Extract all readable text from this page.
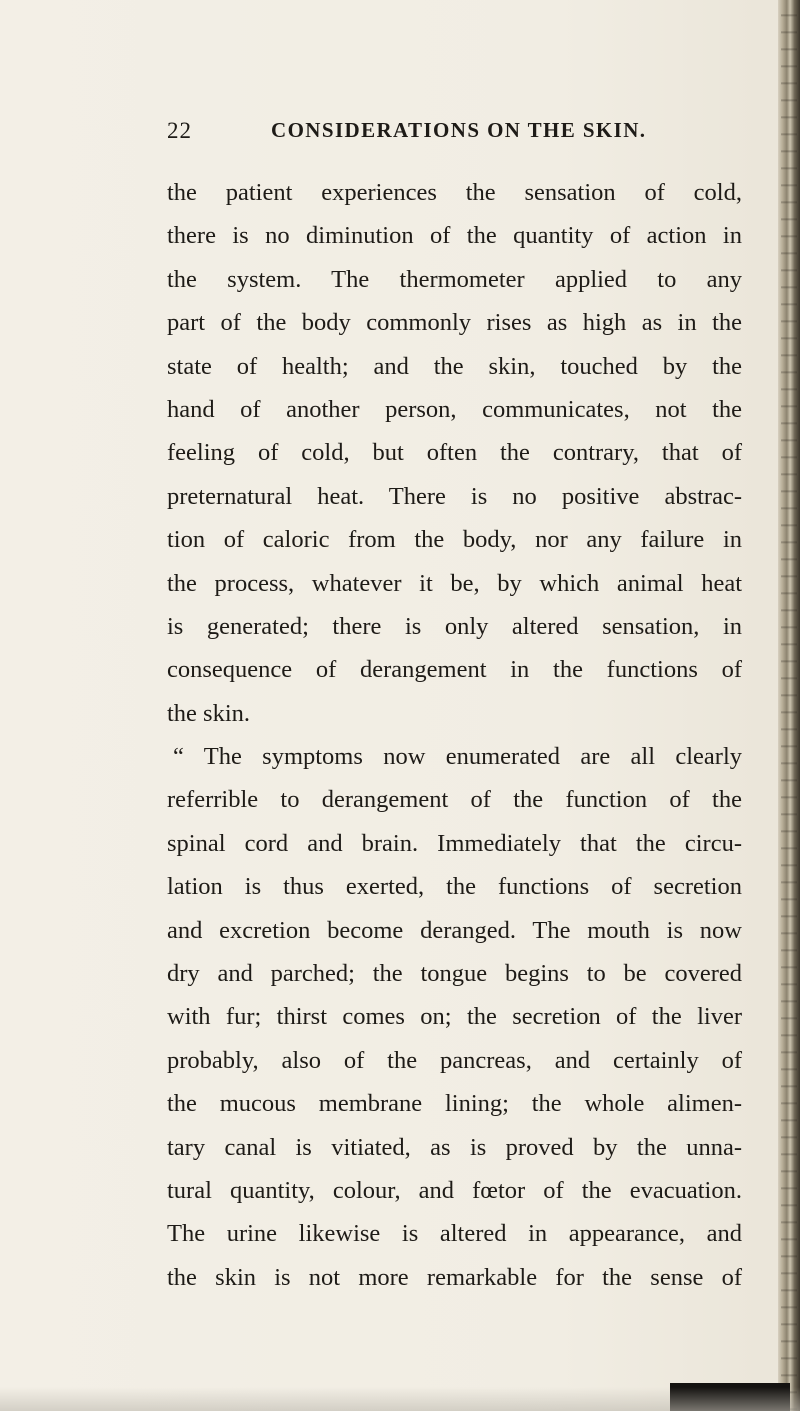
22	CONSIDERATIONS ON THE SKIN.
the patient experiences the sensation of cold,
there is no diminution of the quantity of action in
the system. The thermometer applied to any
part of the body commonly rises as high as in the
state of health; and the skin, touched by the
hand of another person, communicates, not the
feeling of cold, but often the contrary, that of
preternatural heat. There is no positive abstrac-
tion of caloric from the body, nor any failure in
the process, whatever it be, by which animal heat
is generated; there is only altered sensation, in
consequence of derangement in the functions of
the skin.
“ The symptoms now enumerated are all clearly
referrible to derangement of the function of the
spinal cord and brain. Immediately that the circu-
lation is thus exerted, the functions of secretion
and excretion become deranged. The mouth is now
dry and parched; the tongue begins to be covered
with fur; thirst comes on; the secretion of the liver
probably, also of the pancreas, and certainly of
the mucous membrane lining; the whole alimen-
tary canal is vitiated, as is proved by the unna-
tural quantity, colour, and fœtor of the evacuation.
The urine likewise is altered in appearance, and
the skin is not more remarkable for the sense of
